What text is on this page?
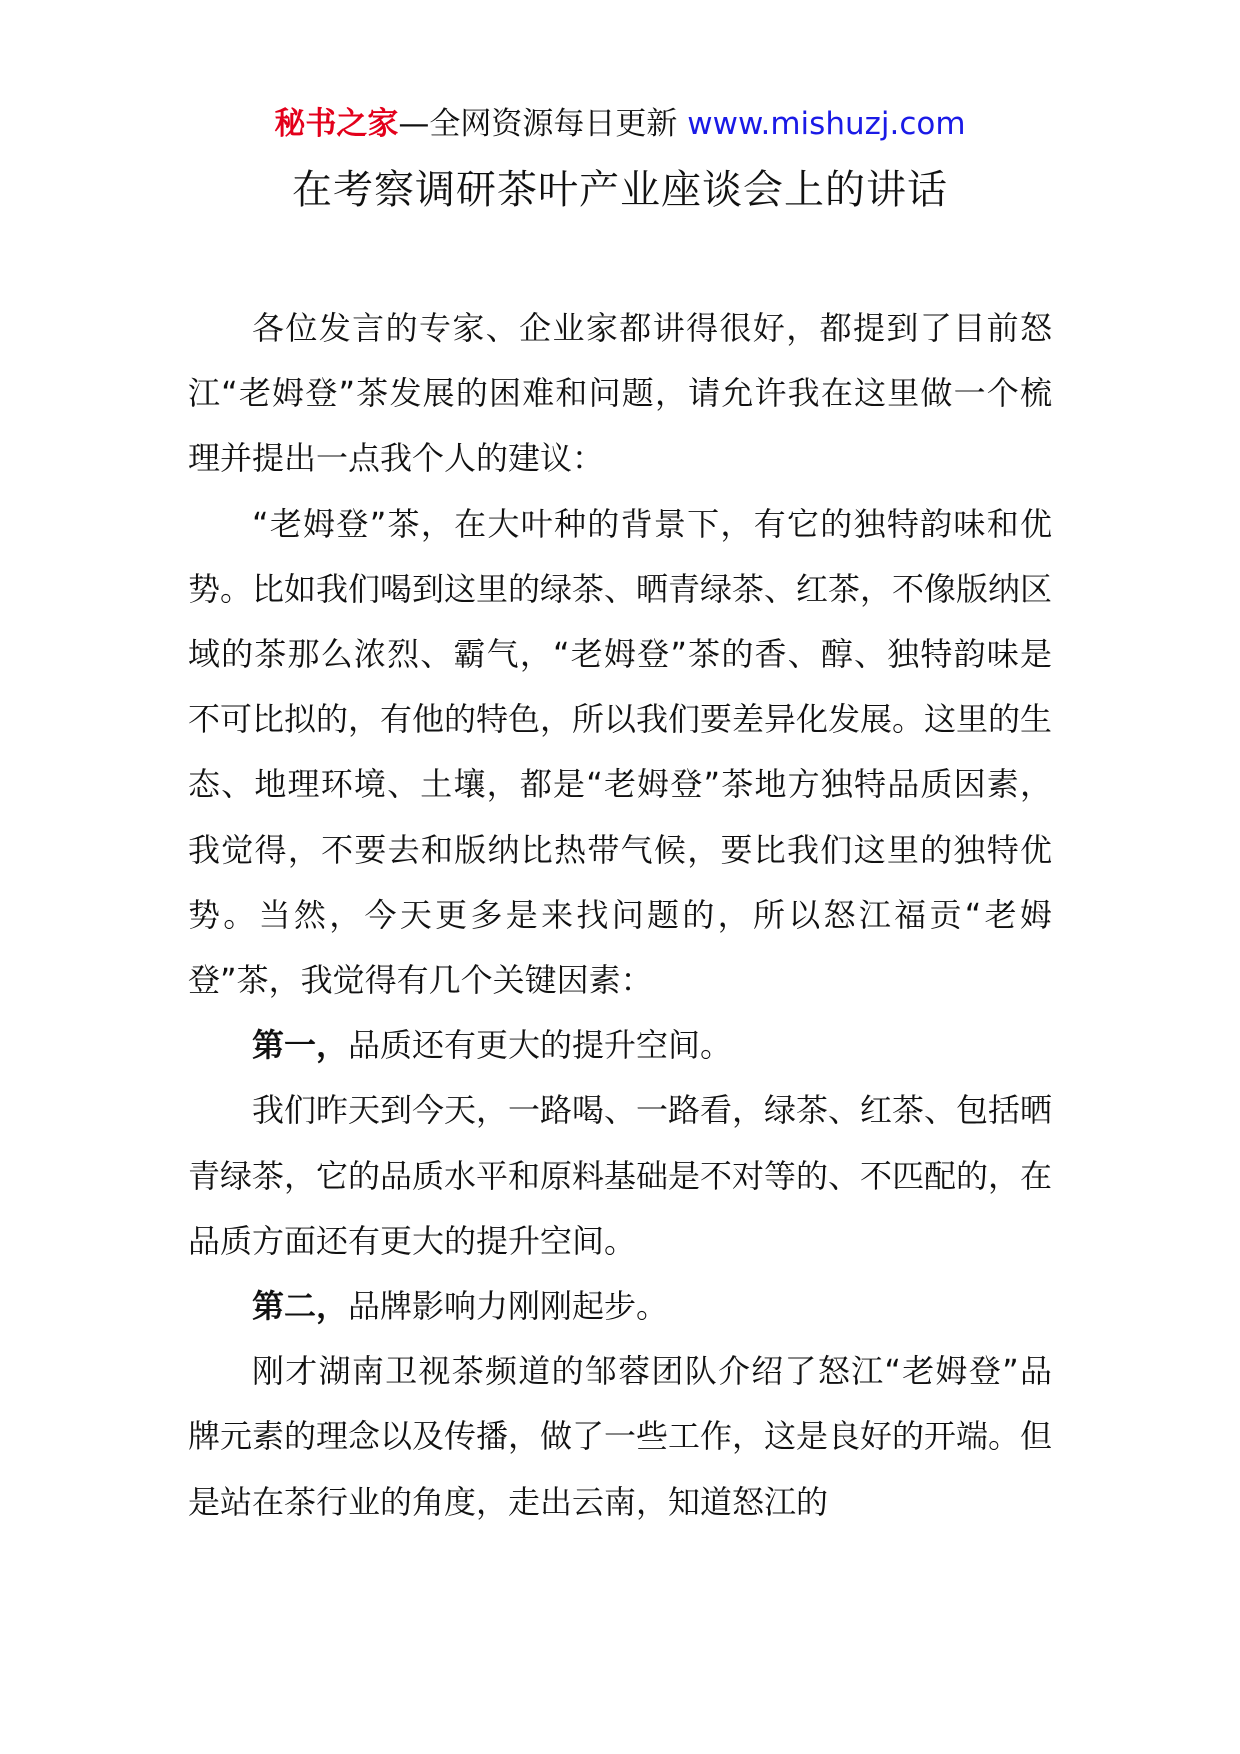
秘书之家—全网资源每日更新 www.mishuzj.com
在考察调研茶叶产业座谈会上的讲话

各位发言的专家、企业家都讲得很好，都提到了目前怒江“老姆登”茶发展的困难和问题，请允许我在这里做一个梳理并提出一点我个人的建议：

“老姆登”茶，在大叶种的背景下，有它的独特韵味和优势。比如我们喝到这里的绿茶、晒青绿茶、红茶，不像版纳区域的茶那么浓烈、霸气，“老姆登”茶的香、醇、独特韵味是不可比拟的，有他的特色，所以我们要差异化发展。这里的生态、地理环境、土壤，都是“老姆登”茶地方独特品质因素，我觉得，不要去和版纳比热带气候，要比我们这里的独特优势。当然，今天更多是来找问题的，所以怒江福贡“老姆登”茶，我觉得有几个关键因素：

第一，品质还有更大的提升空间。

我们昨天到今天，一路喝、一路看，绿茶、红茶、包括晒青绿茶，它的品质水平和原料基础是不对等的、不匹配的，在品质方面还有更大的提升空间。

第二，品牌影响力刚刚起步。

刚才湖南卫视茶频道的邹蓉团队介绍了怒江“老姆登”品牌元素的理念以及传播，做了一些工作，这是良好的开端。但是站在茶行业的角度，走出云南，知道怒江的
